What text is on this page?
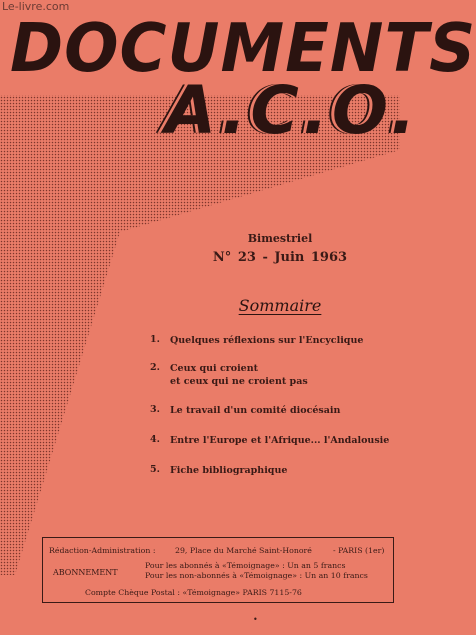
Le-livre.com
DOCUMENTS
A.C.O.
Bimestriel
N° 23 - Juin 1963
Sommaire
1.	Quelques réflexions sur l'Encyclique
2.	Ceux qui croient
et ceux qui ne croient pas
3.	Le travail d'un comité diocésain
4.	Entre l'Europe et l'Afrique... l'Andalousie
5.	Fiche bibliographique
Rédaction-Administration :	29, Place du Marché Saint-Honoré	- PARIS (1er)
ABONNEMENT
Pour les abonnés à «Témoignage» : Un an 5 francs
Pour les non-abonnés à «Témoignage» : Un an 10 francs
Compte Chèque Postal : «Témoignage» PARIS 7115-76
•
